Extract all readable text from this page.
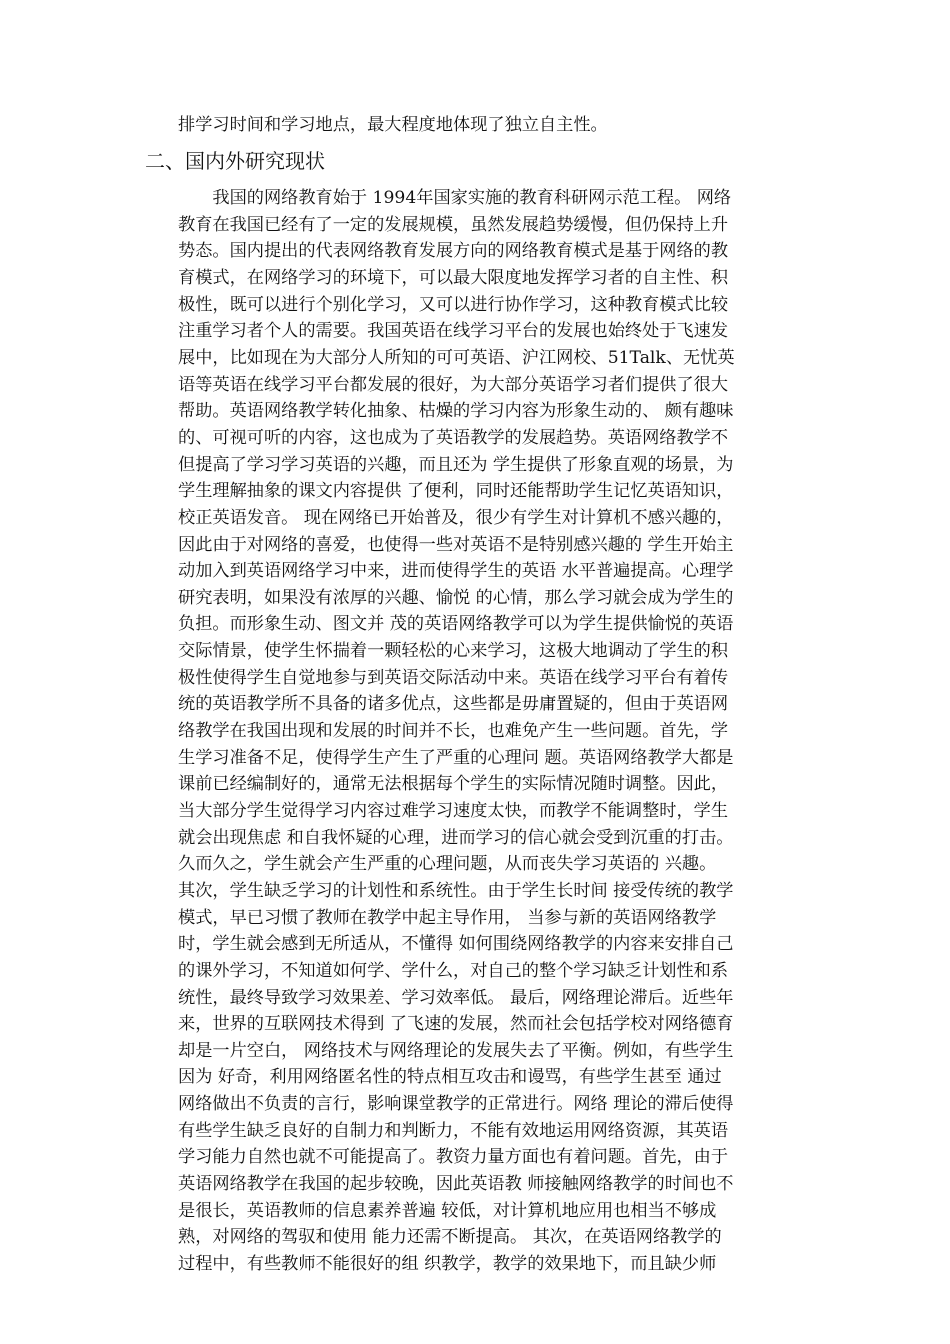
排学习时间和学习地点，最大程度地体现了独立自主性。
二、国内外研究现状
　　我国的网络教育始于 1994年国家实施的教育科研网示范工程。 网络
教育在我国已经有了一定的发展规模，虽然发展趋势缓慢，但仍保持上升
势态。国内提出的代表网络教育发展方向的网络教育模式是基于网络的教
育模式，在网络学习的环境下，可以最大限度地发挥学习者的自主性、积
极性，既可以进行个别化学习，又可以进行协作学习，这种教育模式比较
注重学习者个人的需要。我国英语在线学习平台的发展也始终处于飞速发
展中，比如现在为大部分人所知的可可英语、沪江网校、51Talk、无忧英
语等英语在线学习平台都发展的很好，为大部分英语学习者们提供了很大
帮助。英语网络教学转化抽象、枯燥的学习内容为形象生动的、 颇有趣味
的、可视可听的内容，这也成为了英语教学的发展趋势。英语网络教学不
但提高了学习学习英语的兴趣，而且还为 学生提供了形象直观的场景，为
学生理解抽象的课文内容提供 了便利，同时还能帮助学生记忆英语知识，
校正英语发音。 现在网络已开始普及，很少有学生对计算机不感兴趣的，
因此由于对网络的喜爱，也使得一些对英语不是特别感兴趣的 学生开始主
动加入到英语网络学习中来，进而使得学生的英语 水平普遍提高。心理学
研究表明，如果没有浓厚的兴趣、愉悦 的心情，那么学习就会成为学生的
负担。而形象生动、图文并 茂的英语网络教学可以为学生提供愉悦的英语
交际情景，使学生怀揣着一颗轻松的心来学习，这极大地调动了学生的积
极性使得学生自觉地参与到英语交际活动中来。英语在线学习平台有着传
统的英语教学所不具备的诸多优点，这些都是毋庸置疑的，但由于英语网
络教学在我国出现和发展的时间并不长，也难免产生一些问题。首先，学
生学习准备不足，使得学生产生了严重的心理问 题。英语网络教学大都是
课前已经编制好的，通常无法根据每个学生的实际情况随时调整。因此，
当大部分学生觉得学习内容过难学习速度太快，而教学不能调整时，学生
就会出现焦虑 和自我怀疑的心理，进而学习的信心就会受到沉重的打击。
久而久之，学生就会产生严重的心理问题，从而丧失学习英语的 兴趣。
其次，学生缺乏学习的计划性和系统性。由于学生长时间 接受传统的教学
模式，早已习惯了教师在教学中起主导作用， 当参与新的英语网络教学
时，学生就会感到无所适从，不懂得 如何围绕网络教学的内容来安排自己
的课外学习，不知道如何学、学什么，对自己的整个学习缺乏计划性和系
统性，最终导致学习效果差、学习效率低。 最后，网络理论滞后。近些年
来，世界的互联网技术得到 了飞速的发展，然而社会包括学校对网络德育
却是一片空白， 网络技术与网络理论的发展失去了平衡。例如，有些学生
因为 好奇，利用网络匿名性的特点相互攻击和谩骂，有些学生甚至 通过
网络做出不负责的言行，影响课堂教学的正常进行。网络 理论的滞后使得
有些学生缺乏良好的自制力和判断力，不能有效地运用网络资源，其英语
学习能力自然也就不可能提高了。教资力量方面也有着问题。首先，由于
英语网络教学在我国的起步较晚，因此英语教 师接触网络教学的时间也不
是很长，英语教师的信息素养普遍 较低，对计算机地应用也相当不够成
熟，对网络的驾驭和使用 能力还需不断提高。 其次，在英语网络教学的
过程中，有些教师不能很好的组 织教学，教学的效果地下，而且缺少师
